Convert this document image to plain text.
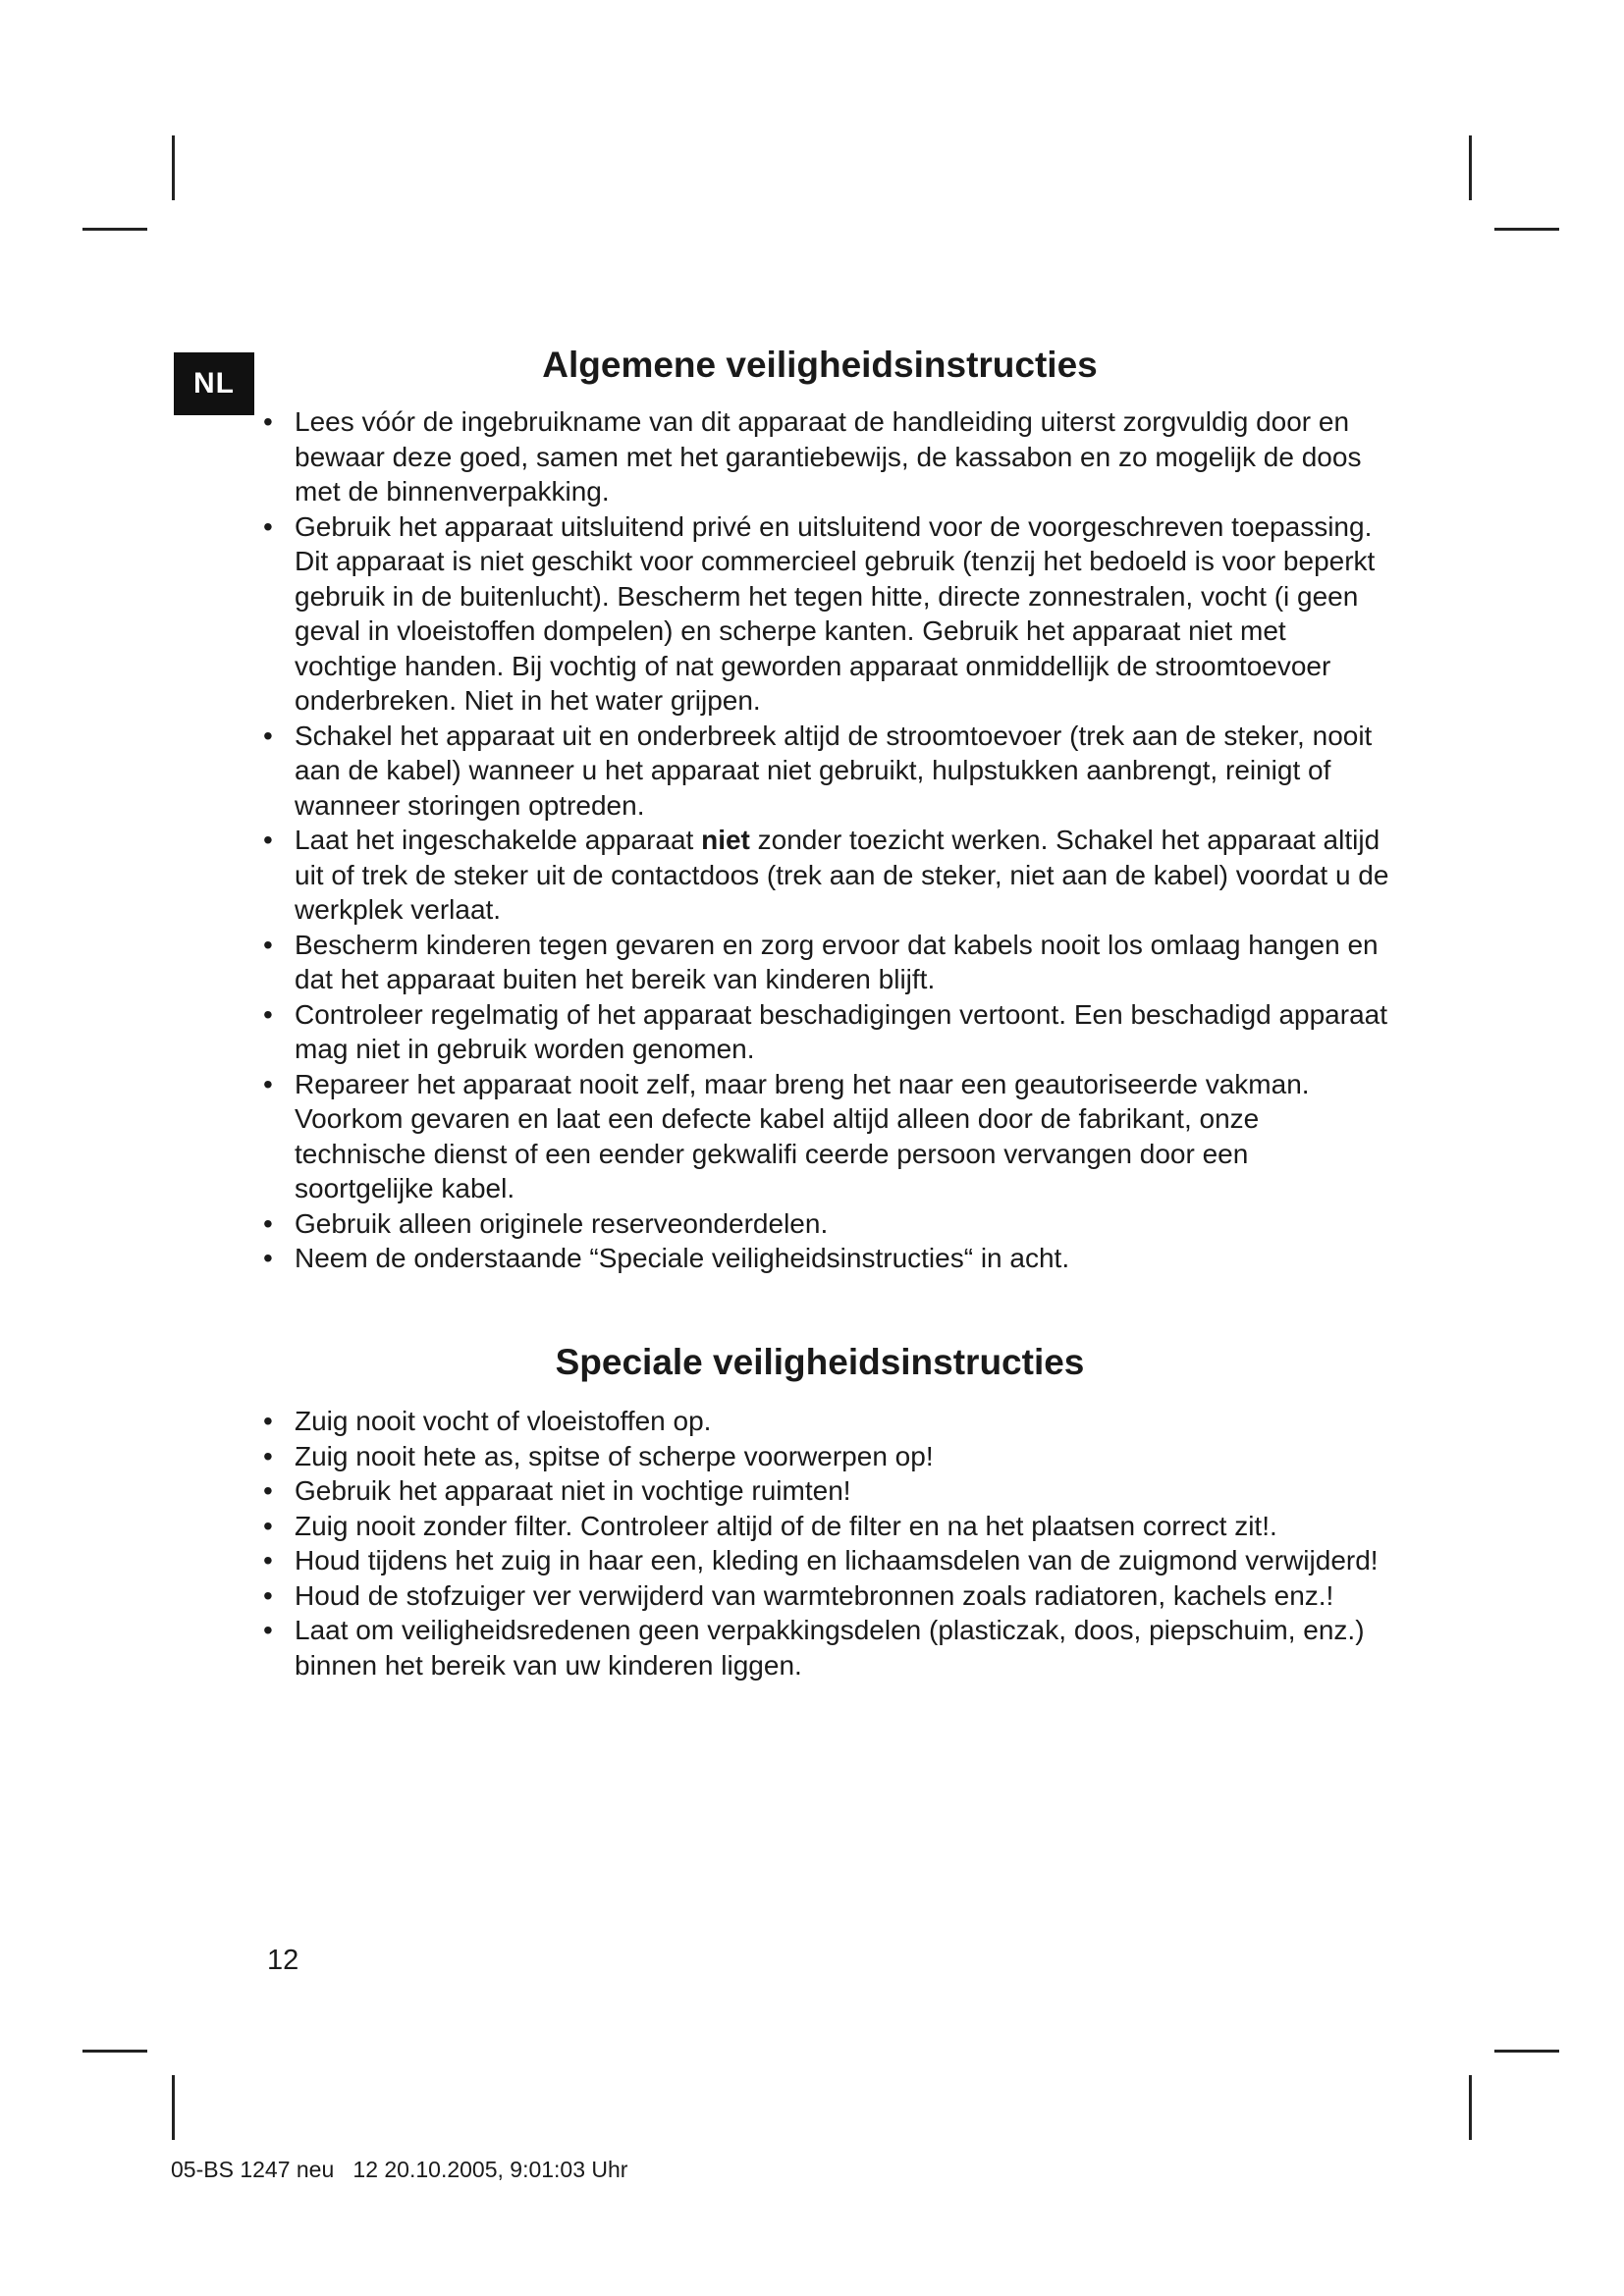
NL	Algemene veiligheidsinstructies
• Lees vóór de ingebruikname van dit apparaat de handleiding uiterst zorgvuldig door en bewaar deze goed, samen met het garantiebewijs, de kassabon en zo mogelijk de doos met de binnenverpakking.
• Gebruik het apparaat uitsluitend privé en uitsluitend voor de voorgeschreven toepassing. Dit apparaat is niet geschikt voor commercieel gebruik (tenzij het bedoeld is voor beperkt gebruik in de buitenlucht). Bescherm het tegen hitte, directe zonnestralen, vocht (i geen geval in vloeistoffen dompelen) en scherpe kanten. Gebruik het apparaat niet met vochtige handen. Bij vochtig of nat geworden apparaat onmiddellijk de stroomtoevoer onderbreken. Niet in het water grijpen.
• Schakel het apparaat uit en onderbreek altijd de stroomtoevoer (trek aan de steker, nooit aan de kabel) wanneer u het apparaat niet gebruikt, hulpstukken aanbrengt, reinigt of wanneer storingen optreden.
• Laat het ingeschakelde apparaat niet zonder toezicht werken. Schakel het apparaat altijd uit of trek de steker uit de contactdoos (trek aan de steker, niet aan de kabel) voordat u de werkplek verlaat.
• Bescherm kinderen tegen gevaren en zorg ervoor dat kabels nooit los omlaag hangen en dat het apparaat buiten het bereik van kinderen blijft.
• Controleer regelmatig of het apparaat beschadigingen vertoont. Een beschadigd apparaat mag niet in gebruik worden genomen.
• Repareer het apparaat nooit zelf, maar breng het naar een geautoriseerde vakman. Voorkom gevaren en laat een defecte kabel altijd alleen door de fabrikant, onze technische dienst of een eender gekwalifi ceerde persoon vervangen door een soortgelijke kabel.
• Gebruik alleen originele reserveonderdelen.
• Neem de onderstaande “Speciale veiligheidsinstructies“ in acht.
Speciale veiligheidsinstructies
• Zuig nooit vocht of vloeistoffen op.
• Zuig nooit hete as, spitse of scherpe voorwerpen op!
• Gebruik het apparaat niet in vochtige ruimten!
• Zuig nooit zonder filter. Controleer altijd of de filter en na het plaatsen correct zit!.
• Houd tijdens het zuig in haar een, kleding en lichaamsdelen van de zuigmond verwijderd!
• Houd de stofzuiger ver verwijderd van warmtebronnen zoals radiatoren, kachels enz.!
• Laat om veiligheidsredenen geen verpakkingsdelen (plasticzak, doos, piepschuim, enz.) binnen het bereik van uw kinderen liggen.
12
05-BS 1247 neu   12 20.10.2005, 9:01:03 Uhr
